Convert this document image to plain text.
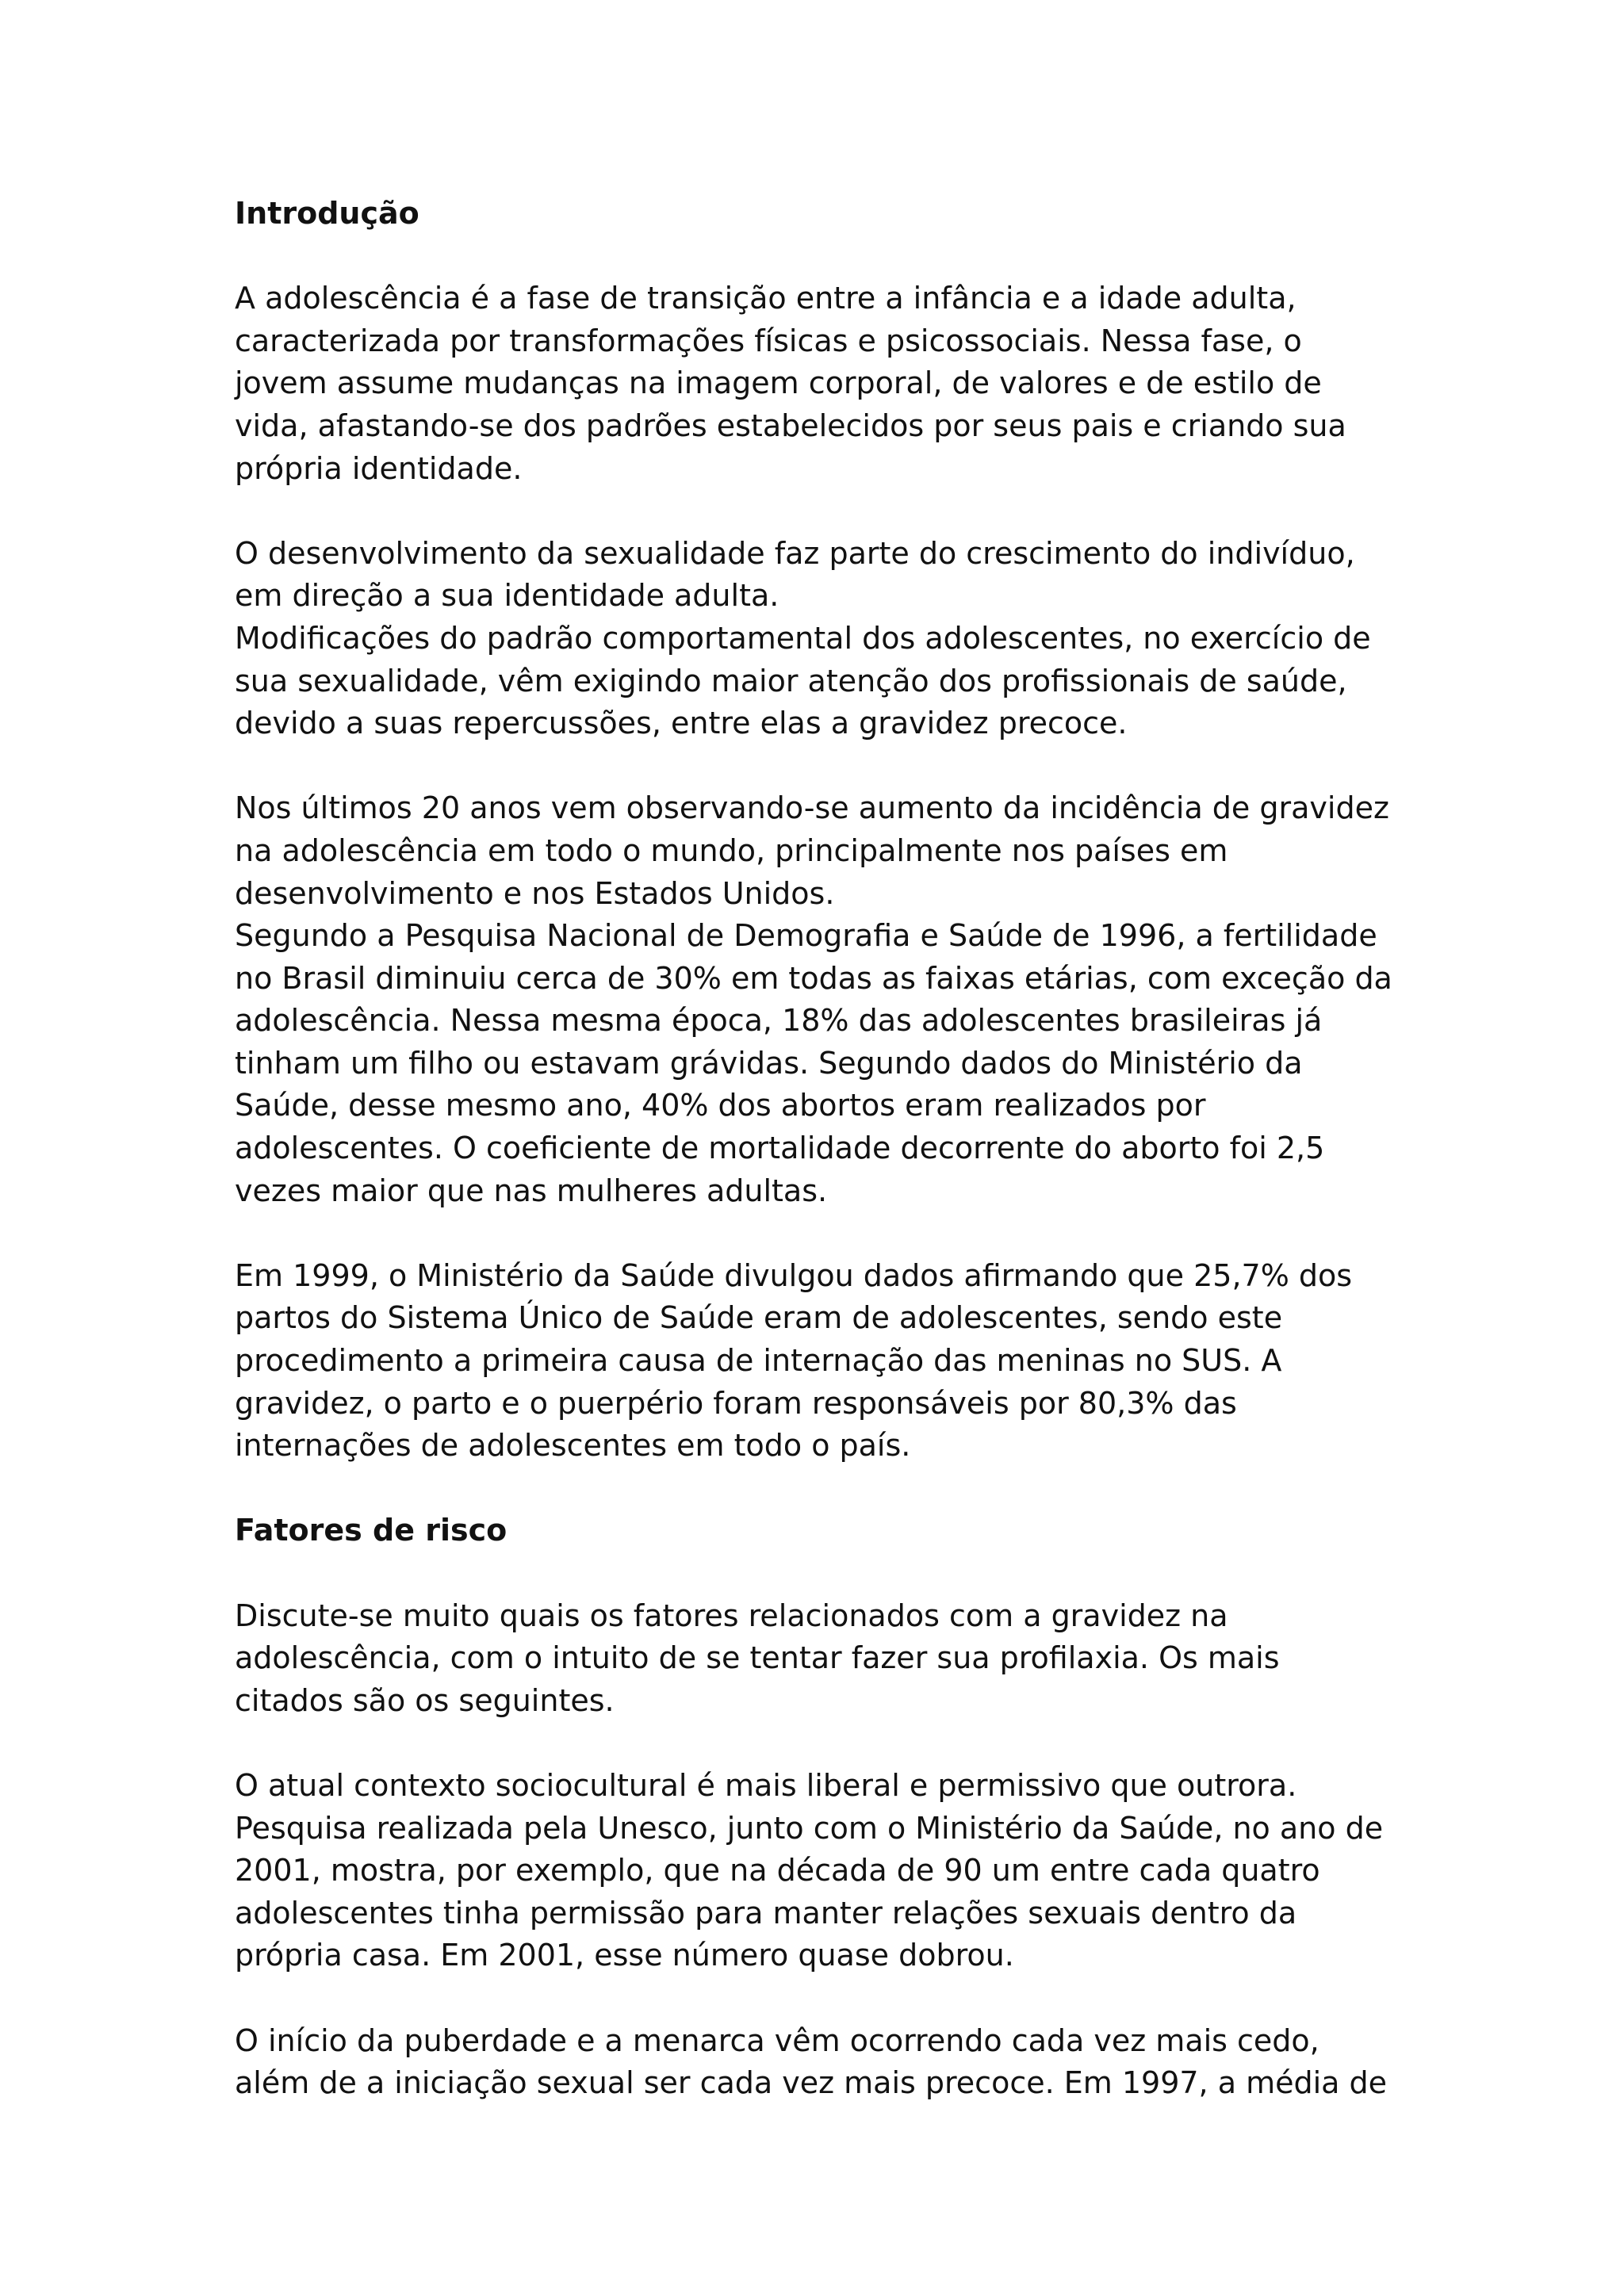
Introdução
A adolescência é a fase de transição entre a infância e a idade adulta,
caracterizada por transformações físicas e psicossociais. Nessa fase, o
jovem assume mudanças na imagem corporal, de valores e de estilo de
vida, afastando-se dos padrões estabelecidos por seus pais e criando sua
própria identidade.
O desenvolvimento da sexualidade faz parte do crescimento do indivíduo,
em direção a sua identidade adulta.
Modificações do padrão comportamental dos adolescentes, no exercício de
sua sexualidade, vêm exigindo maior atenção dos profissionais de saúde,
devido a suas repercussões, entre elas a gravidez precoce.
Nos últimos 20 anos vem observando-se aumento da incidência de gravidez
na adolescência em todo o mundo, principalmente nos países em
desenvolvimento e nos Estados Unidos.
Segundo a Pesquisa Nacional de Demografia e Saúde de 1996, a fertilidade
no Brasil diminuiu cerca de 30% em todas as faixas etárias, com exceção da
adolescência. Nessa mesma época, 18% das adolescentes brasileiras já
tinham um filho ou estavam grávidas. Segundo dados do Ministério da
Saúde, desse mesmo ano, 40% dos abortos eram realizados por
adolescentes. O coeficiente de mortalidade decorrente do aborto foi 2,5
vezes maior que nas mulheres adultas.
Em 1999, o Ministério da Saúde divulgou dados afirmando que 25,7% dos
partos do Sistema Único de Saúde eram de adolescentes, sendo este
procedimento a primeira causa de internação das meninas no SUS. A
gravidez, o parto e o puerpério foram responsáveis por 80,3% das
internações de adolescentes em todo o país.
Fatores de risco
Discute-se muito quais os fatores relacionados com a gravidez na
adolescência, com o intuito de se tentar fazer sua profilaxia. Os mais
citados são os seguintes.
O atual contexto sociocultural é mais liberal e permissivo que outrora.
Pesquisa realizada pela Unesco, junto com o Ministério da Saúde, no ano de
2001, mostra, por exemplo, que na década de 90 um entre cada quatro
adolescentes tinha permissão para manter relações sexuais dentro da
própria casa. Em 2001, esse número quase dobrou.
O início da puberdade e a menarca vêm ocorrendo cada vez mais cedo,
além de a iniciação sexual ser cada vez mais precoce. Em 1997, a média de
